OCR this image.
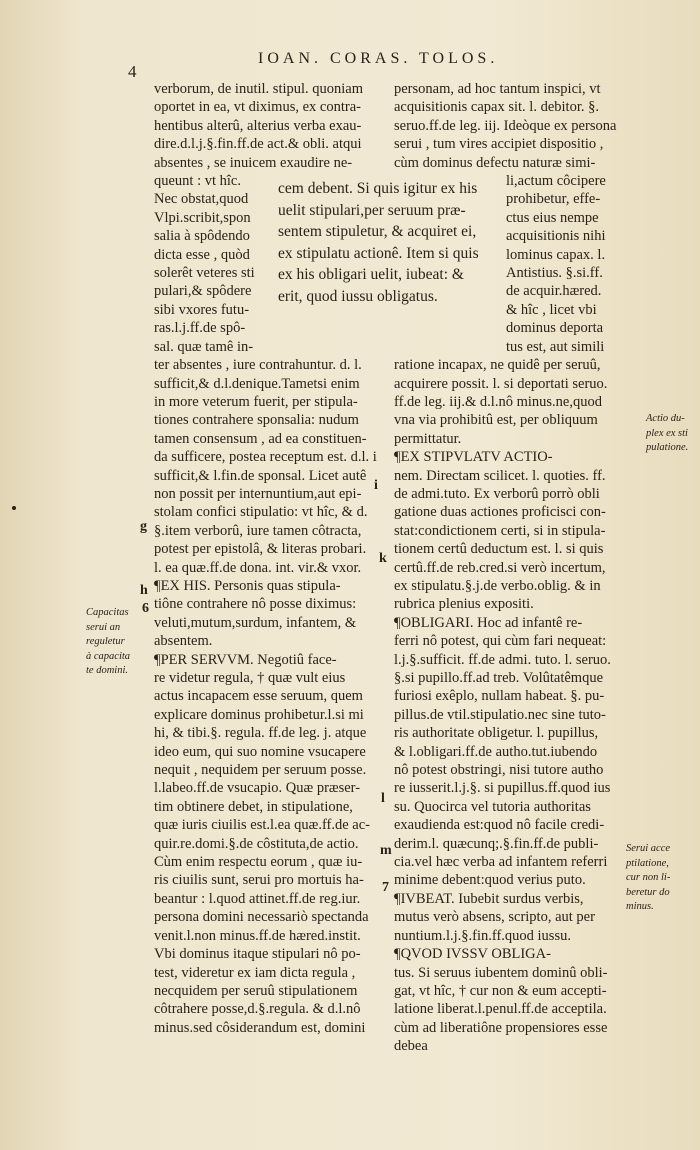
4
IOAN. CORAS. TOLOS.
verborum, de inutil. stipul. quoniam
oportet in ea, vt diximus, ex contra-
hentibus alterû, alterius verba exau-
dire.d.l.j.§.fin.ff.de act.& obli. atqui
absentes , se inuicem exaudire ne-
queunt : vt hîc.
Nec obstat,quod
Vlpi.scribit,spon
salia à spôdendo
dicta esse , quòd
solerêt veteres sti
pulari,& spôdere
sibi vxores futu-
ras.l.j.ff.de spô-
sal. quæ tamê in-
ter absentes , iure contrahuntur. d. l.
sufficit,& d.l.denique.Tametsi enim
in more veterum fuerit, per stipula-
tiones contrahere sponsalia: nudum
tamen consensum , ad ea constituen-
da sufficere, postea receptum est. d.l. i
sufficit,& l.fin.de sponsal. Licet autê
non possit per internuntium,aut epi-
stolam confici stipulatio: vt hîc, & d.
§.item verborû, iure tamen côtracta,
potest per epistolâ, & literas probari.
l. ea quæ.ff.de dona. int. vir.& vxor.
¶EX HIS. Personis quas stipula-
tiône contrahere nô posse diximus:
veluti,mutum,surdum, infantem, &
absentem.
¶PER SERVVM. Negotiû face-
re videtur regula, † quæ vult eius
actus incapacem esse seruum, quem
explicare dominus prohibetur.l.si mi
hi, & tibi.§. regula. ff.de leg. j. atque
ideo eum, qui suo nomine vsucapere
nequit , nequidem per seruum posse.
l.labeo.ff.de vsucapio. Quæ præser-
tim obtinere debet, in stipulatione,
quæ iuris ciuilis est.l.ea quæ.ff.de ac-
quir.re.domi.§.de côstituta,de actio.
Cùm enim respectu eorum , quæ iu-
ris ciuilis sunt, serui pro mortuis ha-
beantur : l.quod attinet.ff.de reg.iur.
persona domini necessariò spectanda
venit.l.non minus.ff.de hæred.instit.
Vbi dominus itaque stipulari nô po-
test, videretur ex iam dicta regula ,
necquidem per seruû stipulationem
côtrahere posse,d.§.regula. & d.l.nô
minus.sed côsiderandum est, domini
personam, ad hoc tantum inspici, vt
acquisitionis capax sit. l. debitor. §.
seruo.ff.de leg. iij. Ideòque ex persona
serui , tum vires accipiet dispositio ,
cùm dominus defectu naturæ simi-
li,actum côcipere
prohibetur, effe-
ctus eius nempe
acquisitionis nihi
lominus capax. l.
Antistius. §.si.ff.
de acquir.hæred.
& hîc , licet vbi
dominus deporta
tus est, aut simili
ratione incapax, ne quidê per seruû,
acquirere possit. l. si deportati seruo.
ff.de leg. iij.& d.l.nô minus.ne,quod
vna via prohibitû est, per obliquum
permittatur.
¶EX STIPVLATV ACTIO-
nem. Directam scilicet. l. quoties. ff.
de admi.tuto. Ex verborû porrò obli
gatione duas actiones proficisci con-
stat:condictionem certi, si in stipula-
tionem certû deductum est. l. si quis
certû.ff.de reb.cred.si verò incertum,
ex stipulatu.§.j.de verbo.oblig. & in
rubrica plenius expositi.
¶OBLIGARI. Hoc ad infantê re-
ferri nô potest, qui cùm fari nequeat:
l.j.§.sufficit. ff.de admi. tuto. l. seruo.
§.si pupillo.ff.ad treb. Volûtatêmque
furiosi exêplo, nullam habeat. §. pu-
pillus.de vtil.stipulatio.nec sine tuto-
ris authoritate obligetur. l. pupillus,
& l.obligari.ff.de autho.tut.iubendo
nô potest obstringi, nisi tutore autho
re iusserit.l.j.§. si pupillus.ff.quod ius
su. Quocirca vel tutoria authoritas
exaudienda est:quod nô facile credi-
derim.l. quæcunq;.§.fin.ff.de publi-
cia.vel hæc verba ad infantem referri
minime debent:quod verius puto.
¶IVBEAT. Iubebit surdus verbis,
mutus verò absens, scripto, aut per
nuntium.l.j.§.fin.ff.quod iussu.
¶QVOD IVSSV OBLIGA-
tus. Si seruus iubentem dominû obli-
gat, vt hîc, † cur non & eum accepti-
latione liberat.l.penul.ff.de acceptila.
cùm ad liberatiône propensiores esse
debea
cem debent. Si quis igitur ex his
uelit stipulari,per seruum præ-
sentem stipuletur, & acquiret ei,
ex stipulatu actionê. Item si quis
ex his obligari uelit, iubeat: &
erit, quod iussu obligatus.
Capacitas
serui an
reguletur
à capacita
te domini.
Actio du-
plex ex sti
pulatione.
Serui acce
ptilatione,
cur non li-
beretur do
minus.
i
g
k
h
6
l
m
7
